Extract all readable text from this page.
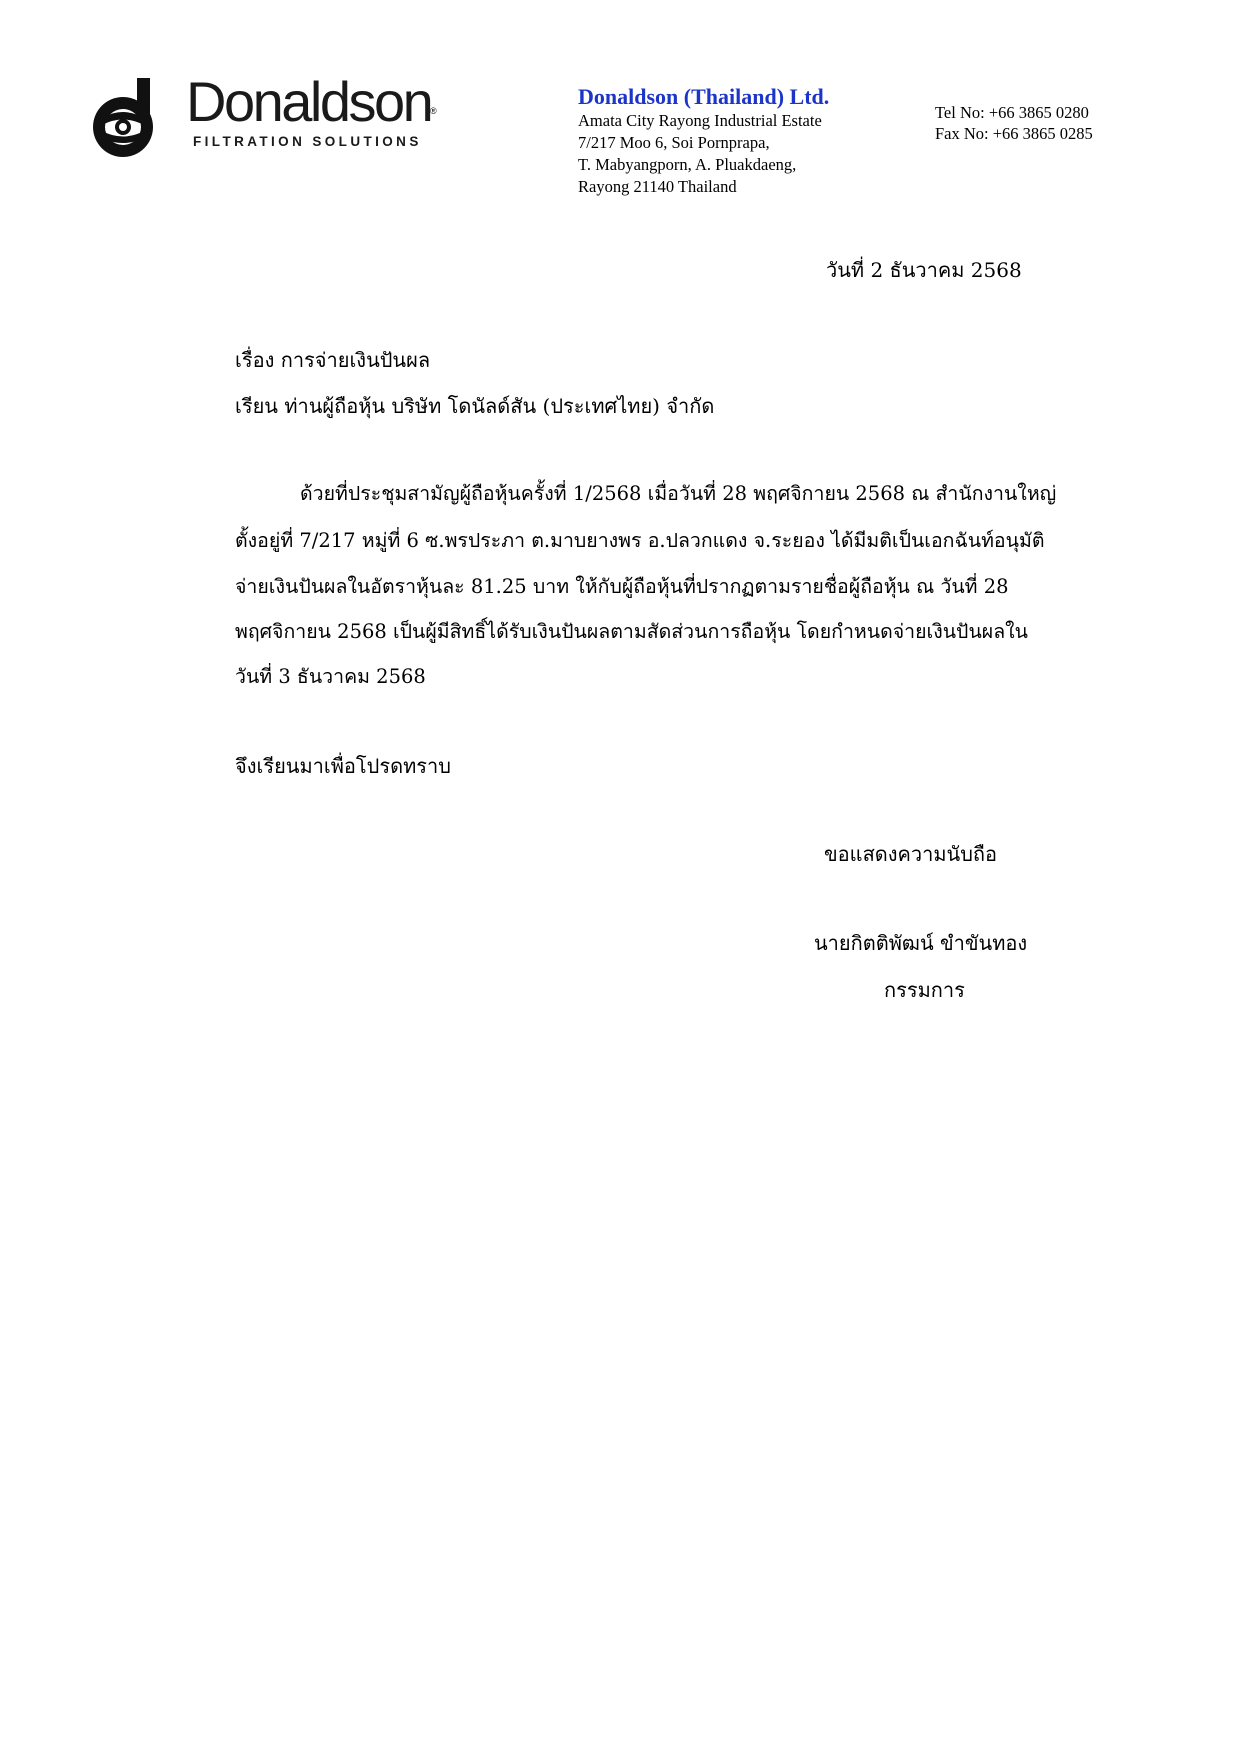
Donaldson
®
FILTRATION SOLUTIONS
Donaldson (Thailand) Ltd.
Amata City Rayong Industrial Estate
7/217 Moo 6, Soi Pornprapa,
T. Mabyangporn, A. Pluakdaeng,
Rayong 21140 Thailand
Tel No: +66 3865 0280
Fax No: +66 3865 0285
วันที่ 2 ธันวาคม 2568
เรื่อง การจ่ายเงินปันผล
เรียน ท่านผู้ถือหุ้น บริษัท โดนัลด์สัน (ประเทศไทย) จำกัด
ด้วยที่ประชุมสามัญผู้ถือหุ้นครั้งที่ 1/2568 เมื่อวันที่ 28 พฤศจิกายน 2568 ณ สำนักงานใหญ่
ตั้งอยู่ที่ 7/217 หมู่ที่ 6 ซ.พรประภา ต.มาบยางพร อ.ปลวกแดง จ.ระยอง ได้มีมติเป็นเอกฉันท์อนุมัติ
จ่ายเงินปันผลในอัตราหุ้นละ 81.25 บาท ให้กับผู้ถือหุ้นที่ปรากฏตามรายชื่อผู้ถือหุ้น ณ วันที่ 28
พฤศจิกายน 2568 เป็นผู้มีสิทธิ์ได้รับเงินปันผลตามสัดส่วนการถือหุ้น โดยกำหนดจ่ายเงินปันผลใน
วันที่ 3 ธันวาคม 2568
จึงเรียนมาเพื่อโปรดทราบ
ขอแสดงความนับถือ
นายกิตติพัฒน์ ขำขันทอง
กรรมการ
